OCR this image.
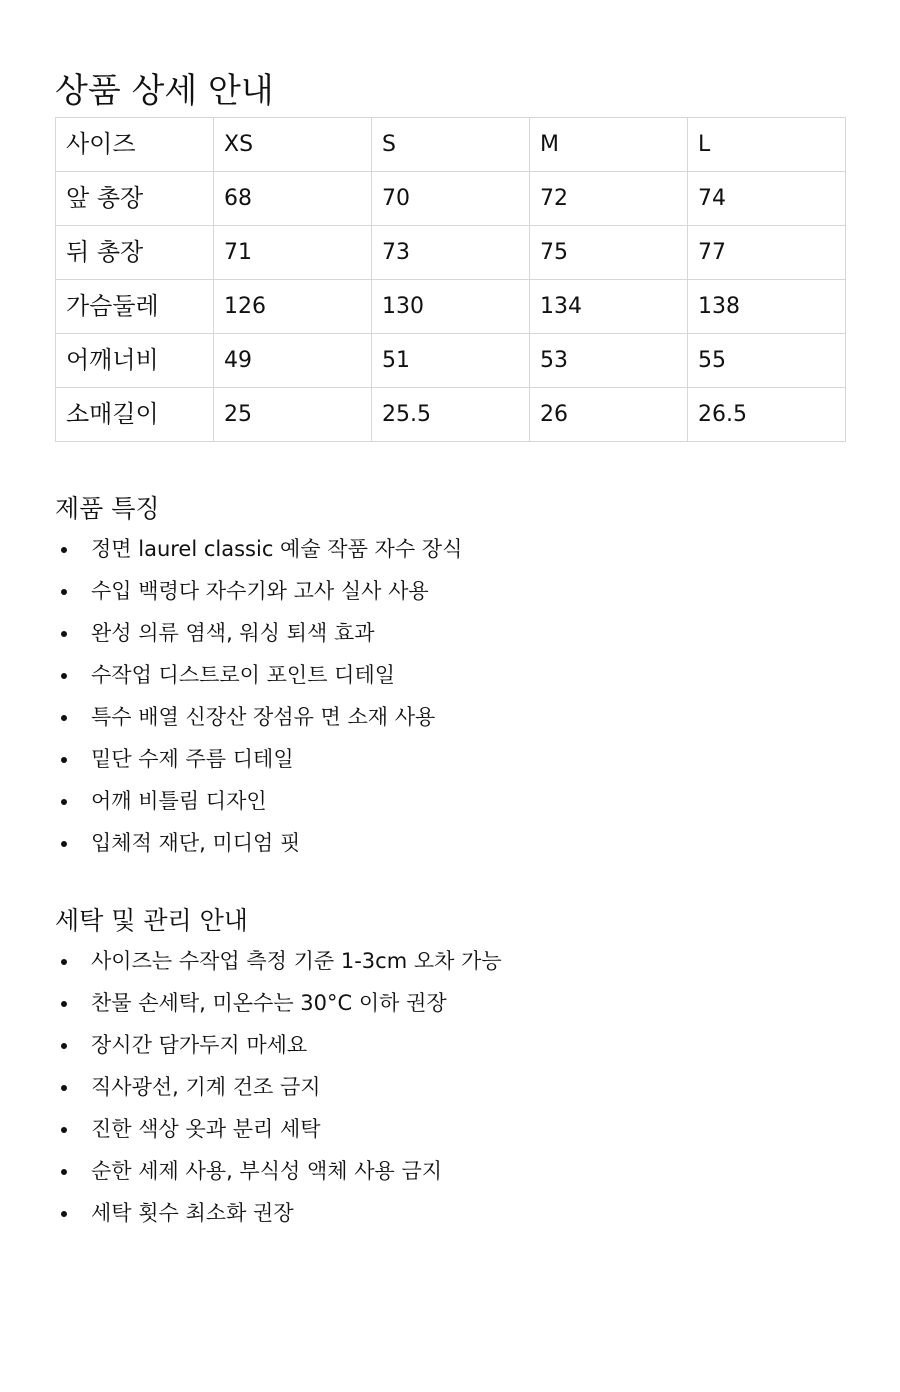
상품 상세 안내
사이즈	XS	S	M	L
앞 총장	68	70	72	74
뒤 총장	71	73	75	77
가슴둘레	126	130	134	138
어깨너비	49	51	53	55
소매길이	25	25.5	26	26.5
제품 특징
정면 laurel classic 예술 작품 자수 장식
수입 백령다 자수기와 고사 실사 사용
완성 의류 염색, 워싱 퇴색 효과
수작업 디스트로이 포인트 디테일
특수 배열 신장산 장섬유 면 소재 사용
밑단 수제 주름 디테일
어깨 비틀림 디자인
입체적 재단, 미디엄 핏
세탁 및 관리 안내
사이즈는 수작업 측정 기준 1-3cm 오차 가능
찬물 손세탁, 미온수는 30°C 이하 권장
장시간 담가두지 마세요
직사광선, 기계 건조 금지
진한 색상 옷과 분리 세탁
순한 세제 사용, 부식성 액체 사용 금지
세탁 횟수 최소화 권장
